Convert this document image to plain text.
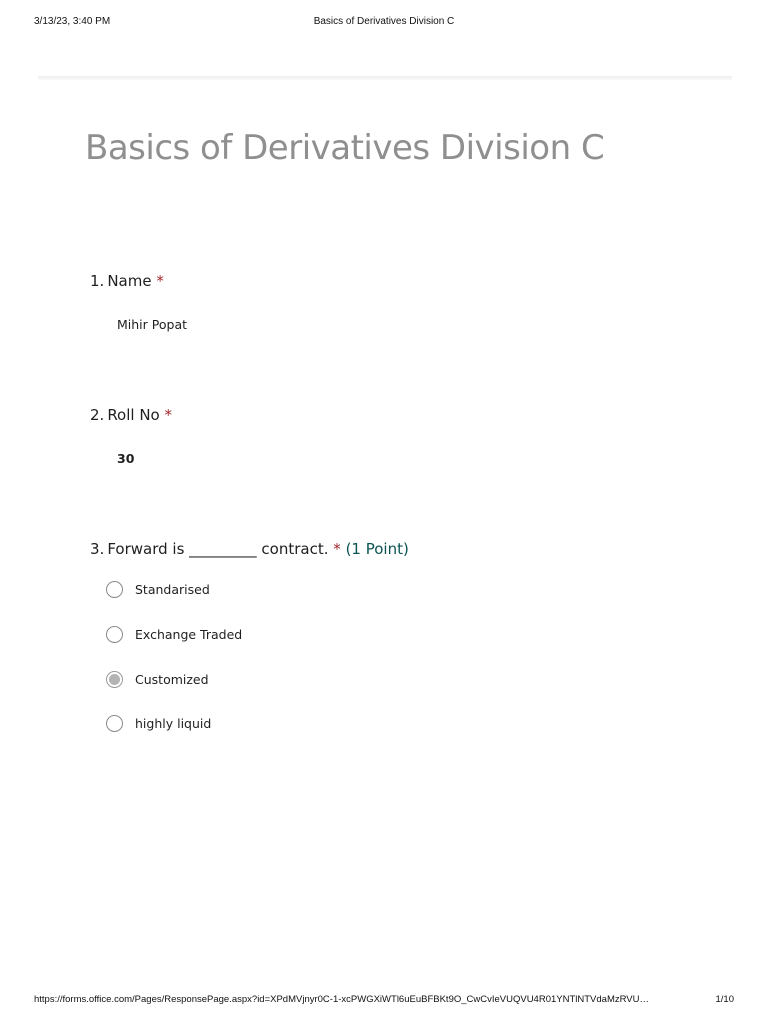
3/13/23, 3:40 PM	Basics of Derivatives Division C
Basics of Derivatives Division C
1. Name *
Mihir Popat
2. Roll No *
30
3. Forward is _________ contract. * (1 Point)
Standarised
Exchange Traded
Customized
highly liquid
https://forms.office.com/Pages/ResponsePage.aspx?id=XPdMVjnyr0C-1-xcPWGXiWTl6uEuBFBKt9O_CwCvIeVUQVU4R01YNTlNTVdaMzRVU…	1/10
